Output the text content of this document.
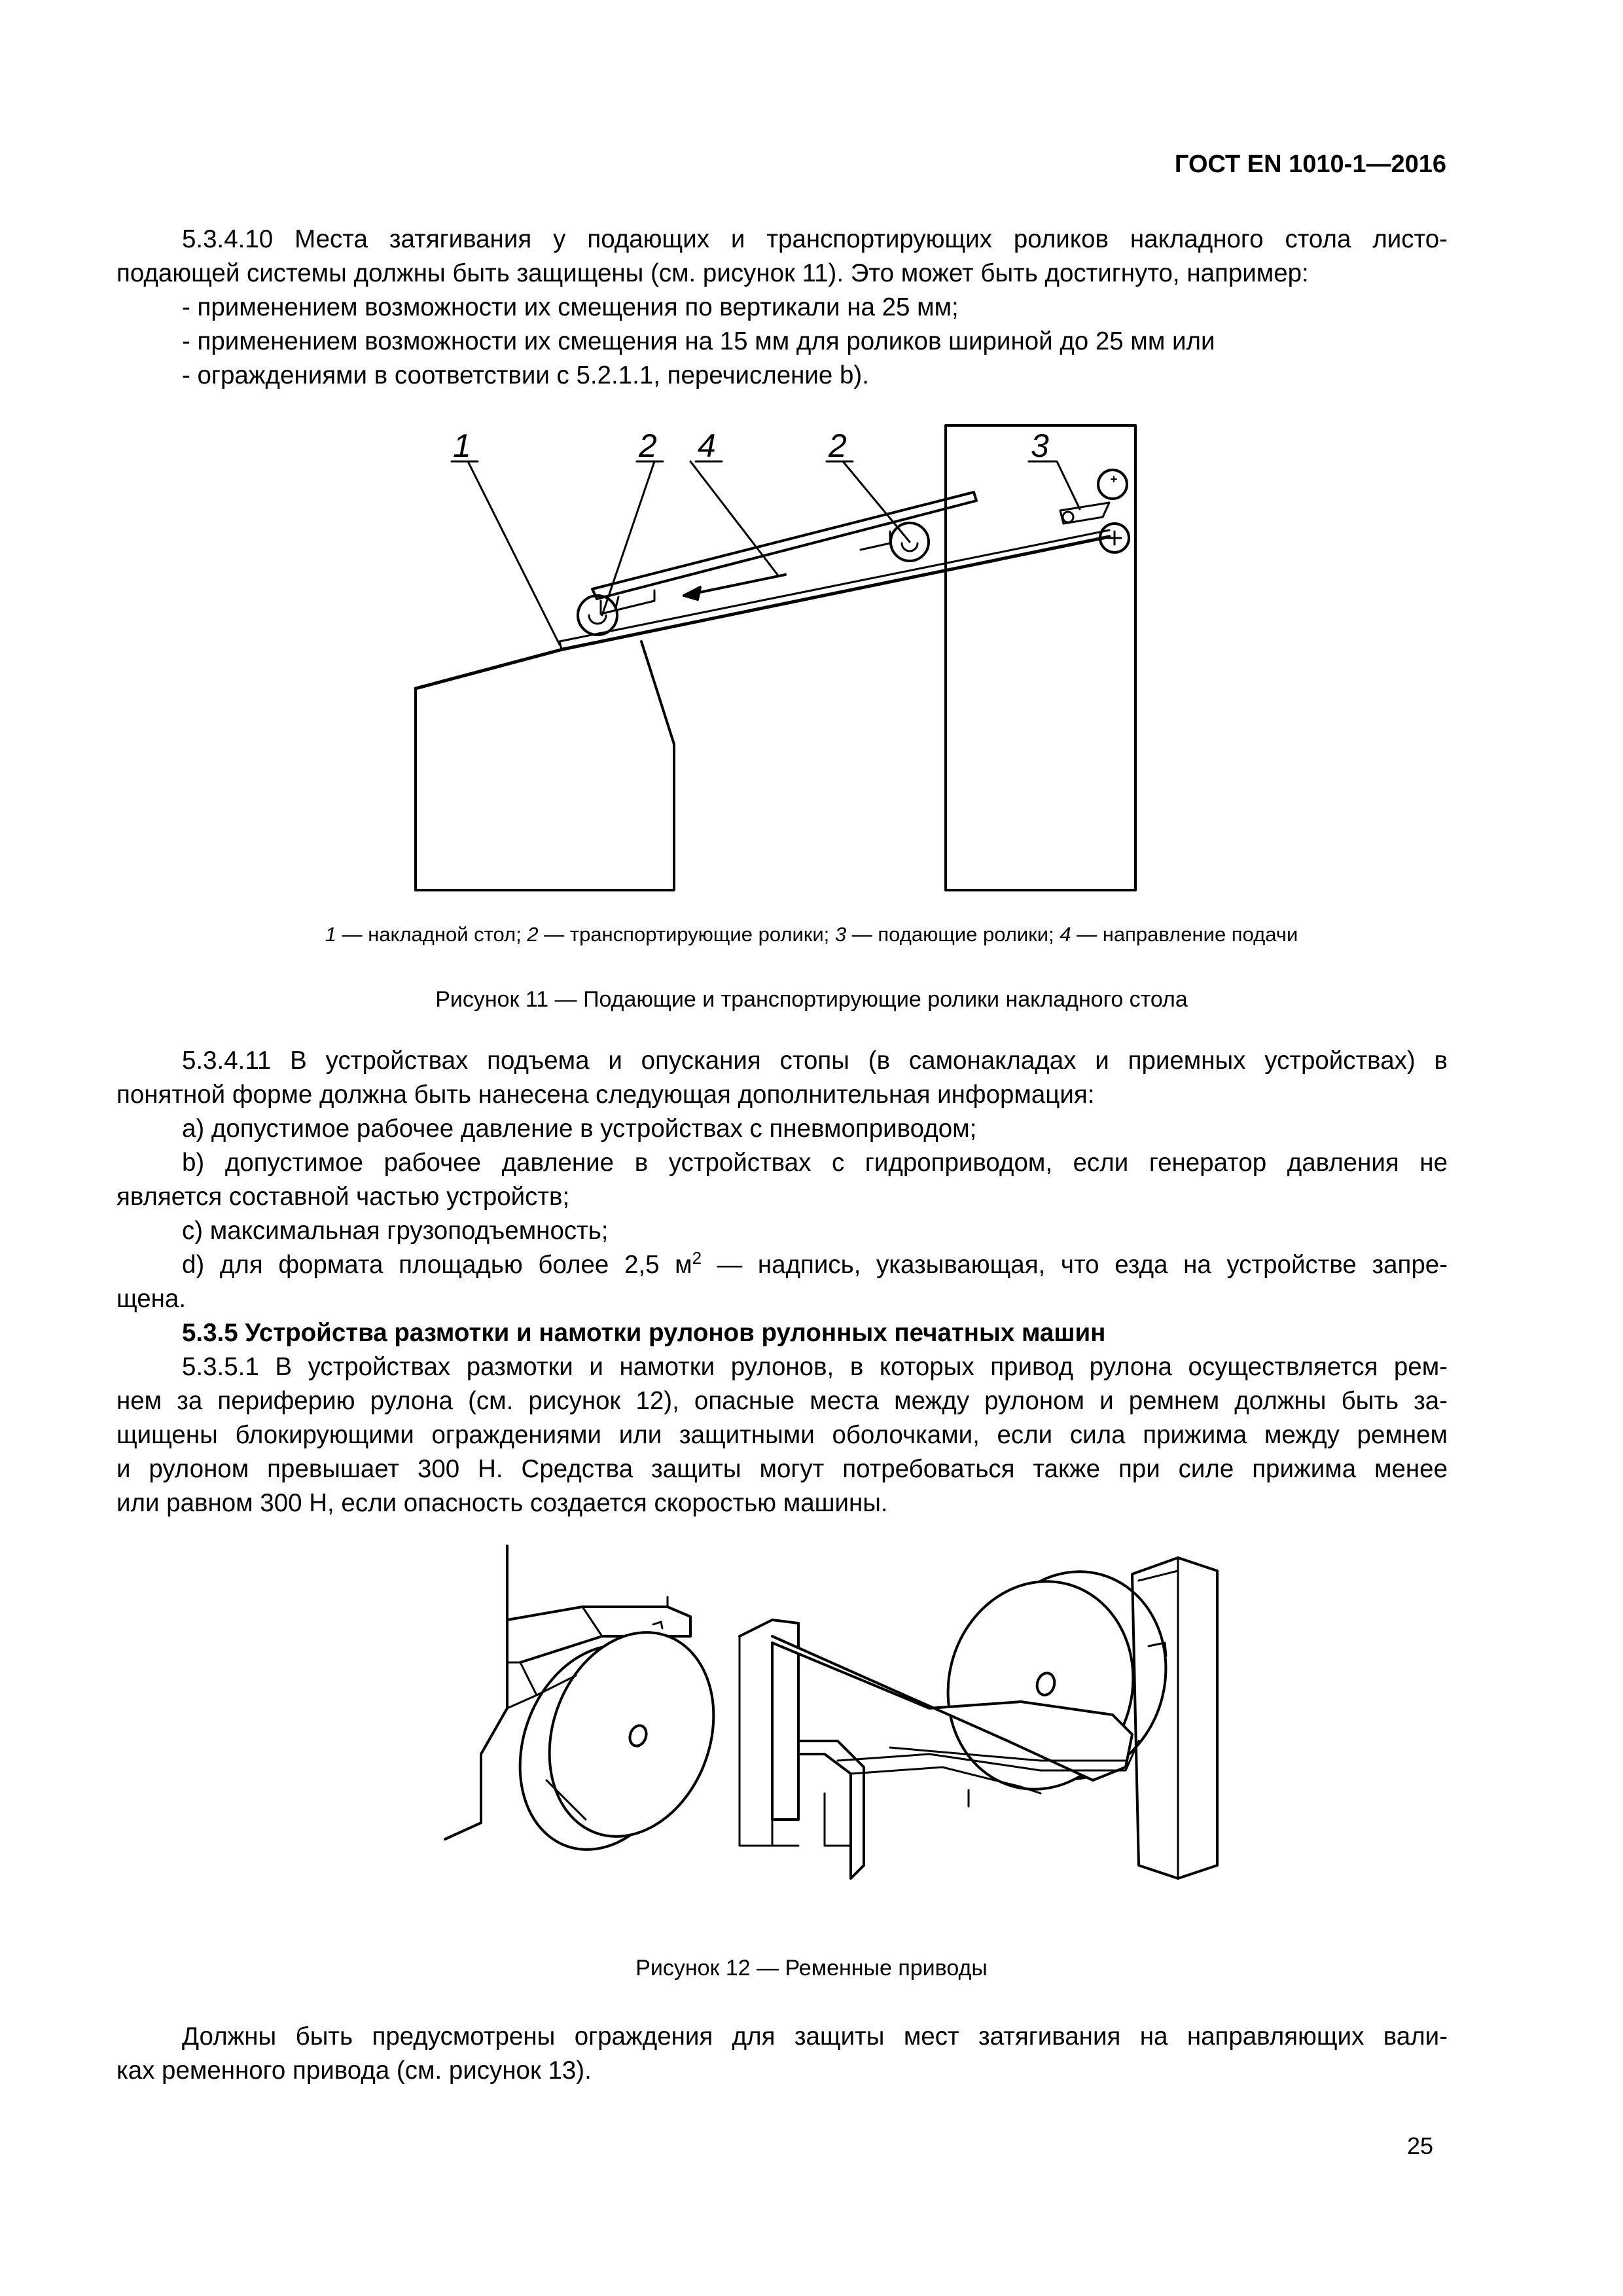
ГОСТ EN 1010-1—2016
5.3.4.10 Места затягивания у подающих и транспортирующих роликов накладного стола листо-
подающей системы должны быть защищены (см. рисунок 11). Это может быть достигнуто, например:
- применением возможности их смещения по вертикали на 25 мм;
- применением возможности их смещения на 15 мм для роликов шириной до 25 мм или
- ограждениями в соответствии с 5.2.1.1, перечисление b).
1	2 4	2	3
1 — накладной стол; 2 — транспортирующие ролики; 3 — подающие ролики; 4 — направление подачи
Рисунок 11 — Подающие и транспортирующие ролики накладного стола
5.3.4.11 В устройствах подъема и опускания стопы (в самонакладах и приемных устройствах) в
понятной форме должна быть нанесена следующая дополнительная информация:
a) допустимое рабочее давление в устройствах с пневмоприводом;
b) допустимое рабочее давление в устройствах с гидроприводом, если генератор давления не
является составной частью устройств;
c) максимальная грузоподъемность;
d) для формата площадью более 2,5 $м^2$ — надпись, указывающая, что езда на устройстве запре-
щена.
5.3.5 Устройства размотки и намотки рулонов рулонных печатных машин
5.3.5.1 В устройствах размотки и намотки рулонов, в которых привод рулона осуществляется рем-
нем за периферию рулона (см. рисунок 12), опасные места между рулоном и ремнем должны быть за-
щищены блокирующими ограждениями или защитными оболочками, если сила прижима между ремнем
и рулоном превышает 300 Н. Средства защиты могут потребоваться также при силе прижима менее
или равном 300 Н, если опасность создается скоростью машины.
Рисунок 12 — Ременные приводы
Должны быть предусмотрены ограждения для защиты мест затягивания на направляющих вали-
ках ременного привода (см. рисунок 13).
25
